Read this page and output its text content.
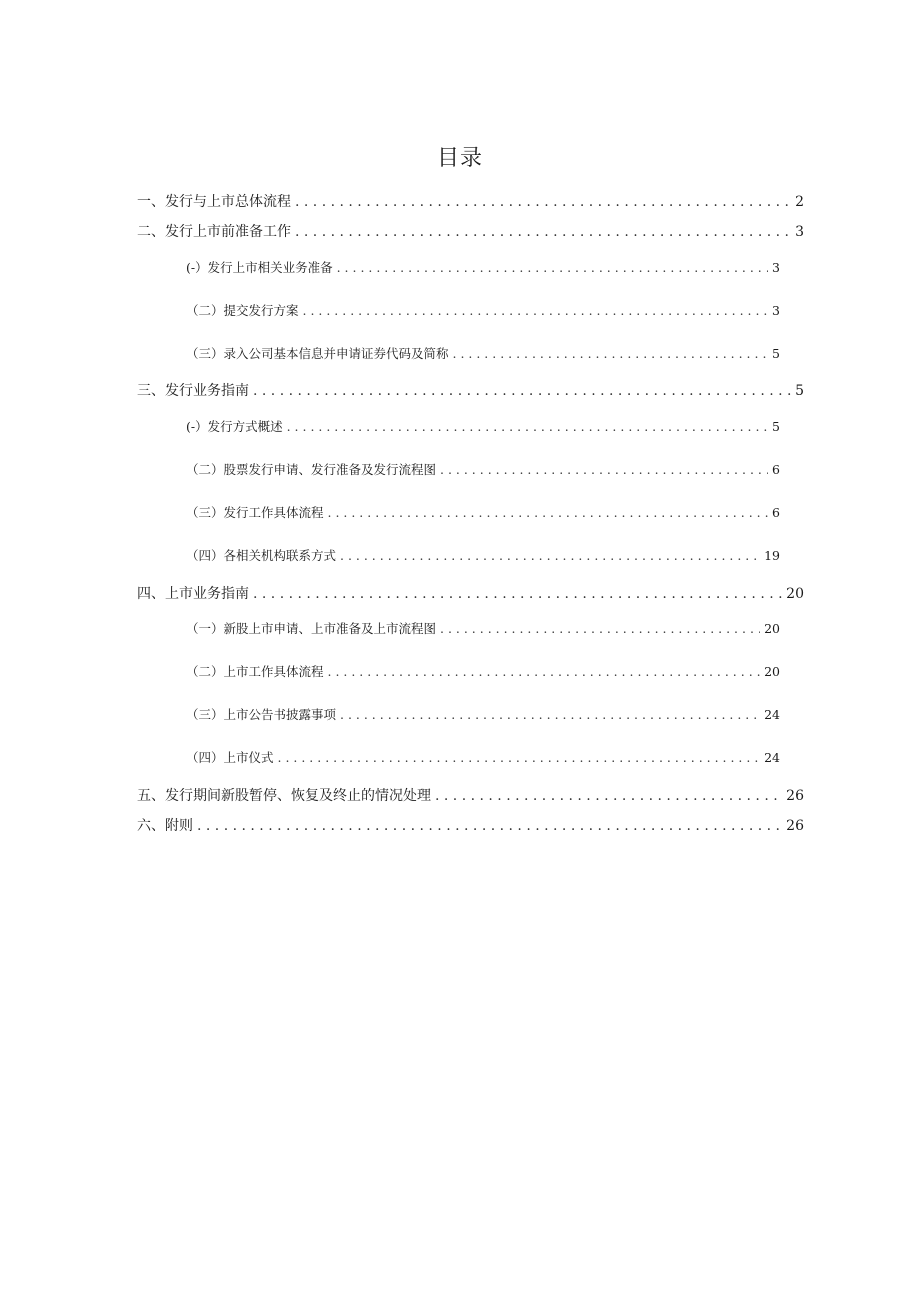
目录
一、发行与上市总体流程 . . .	2
二、发行上市前准备工作 . . .	3
(-）发行上市相关业务准备 . . .	3
（二）提交发行方案 . . .	3
（三）录入公司基本信息并申请证券代码及简称 . . .	5
三、发行业务指南 . . .	5
(-）发行方式概述 . . .	5
（二）股票发行申请、发行准备及发行流程图 . . .	6
（三）发行工作具体流程 . . .	6
（四）各相关机构联系方式 . . .	19
四、上市业务指南 . . .	20
（一）新股上市申请、上市准备及上市流程图 . . .	20
（二）上市工作具体流程 . . .	20
（三）上市公告书披露事项 . . .	24
（四）上市仪式 . . .	24
五、发行期间新股暂停、恢复及终止的情况处理 . . .	26
六、附则 . . .	26
